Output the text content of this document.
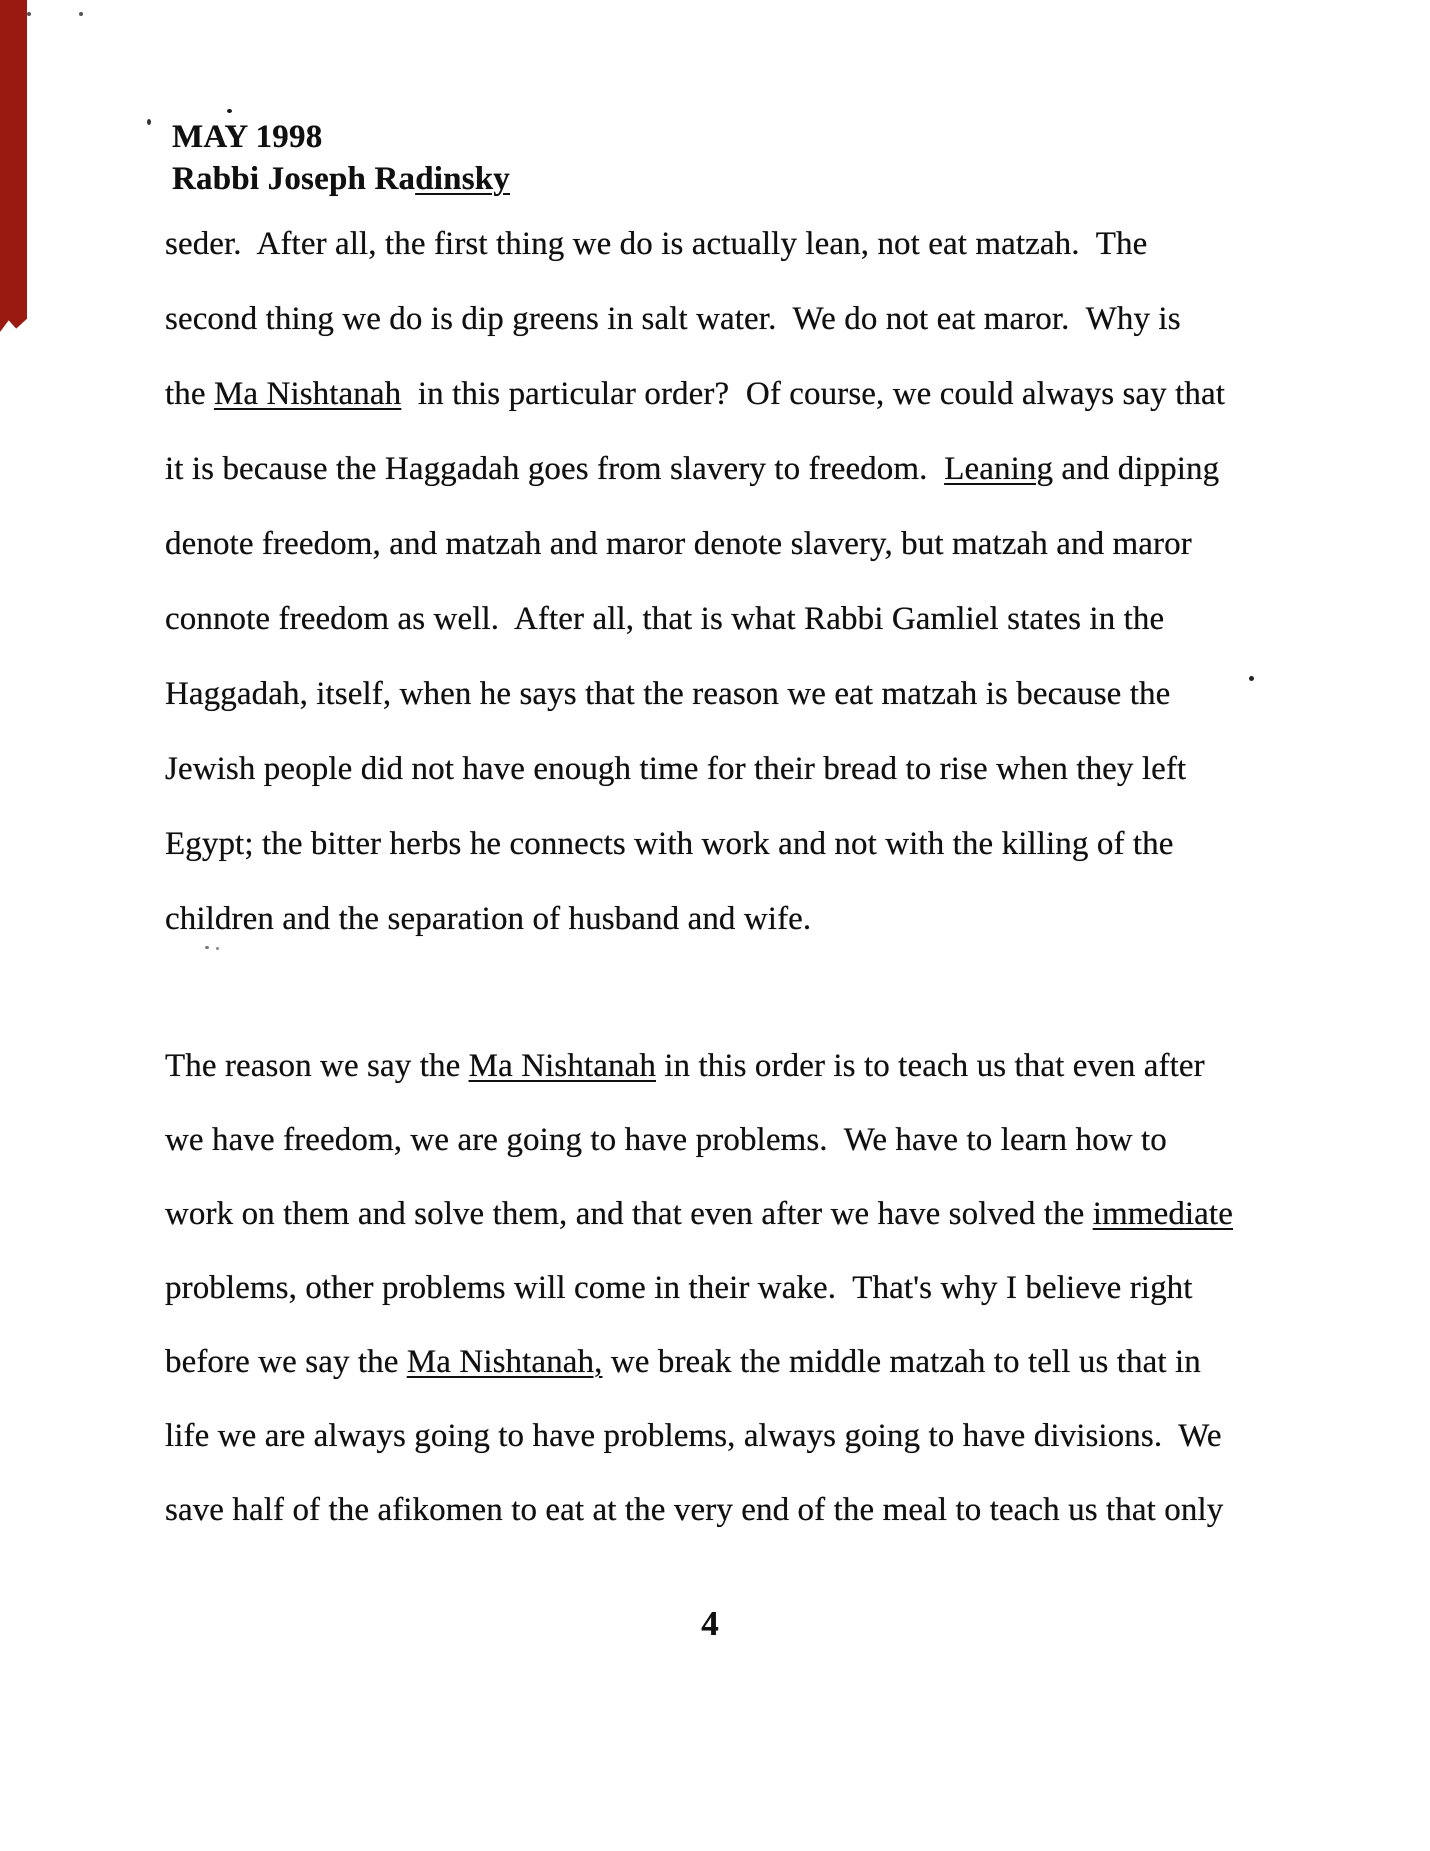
MAY 1998
Rabbi Joseph Radinsky
seder.  After all, the first thing we do is actually lean, not eat matzah.  The
second thing we do is dip greens in salt water.  We do not eat maror.  Why is
the Ma Nishtanah  in this particular order?  Of course, we could always say that
it is because the Haggadah goes from slavery to freedom.  Leaning and dipping
denote freedom, and matzah and maror denote slavery, but matzah and maror
connote freedom as well.  After all, that is what Rabbi Gamliel states in the
Haggadah, itself, when he says that the reason we eat matzah is because the
Jewish people did not have enough time for their bread to rise when they left
Egypt; the bitter herbs he connects with work and not with the killing of the
children and the separation of husband and wife.
The reason we say the Ma Nishtanah in this order is to teach us that even after
we have freedom, we are going to have problems.  We have to learn how to
work on them and solve them, and that even after we have solved the immediate
problems, other problems will come in their wake.  That's why I believe right
before we say the Ma Nishtanah, we break the middle matzah to tell us that in
life we are always going to have problems, always going to have divisions.  We
save half of the afikomen to eat at the very end of the meal to teach us that only
4
